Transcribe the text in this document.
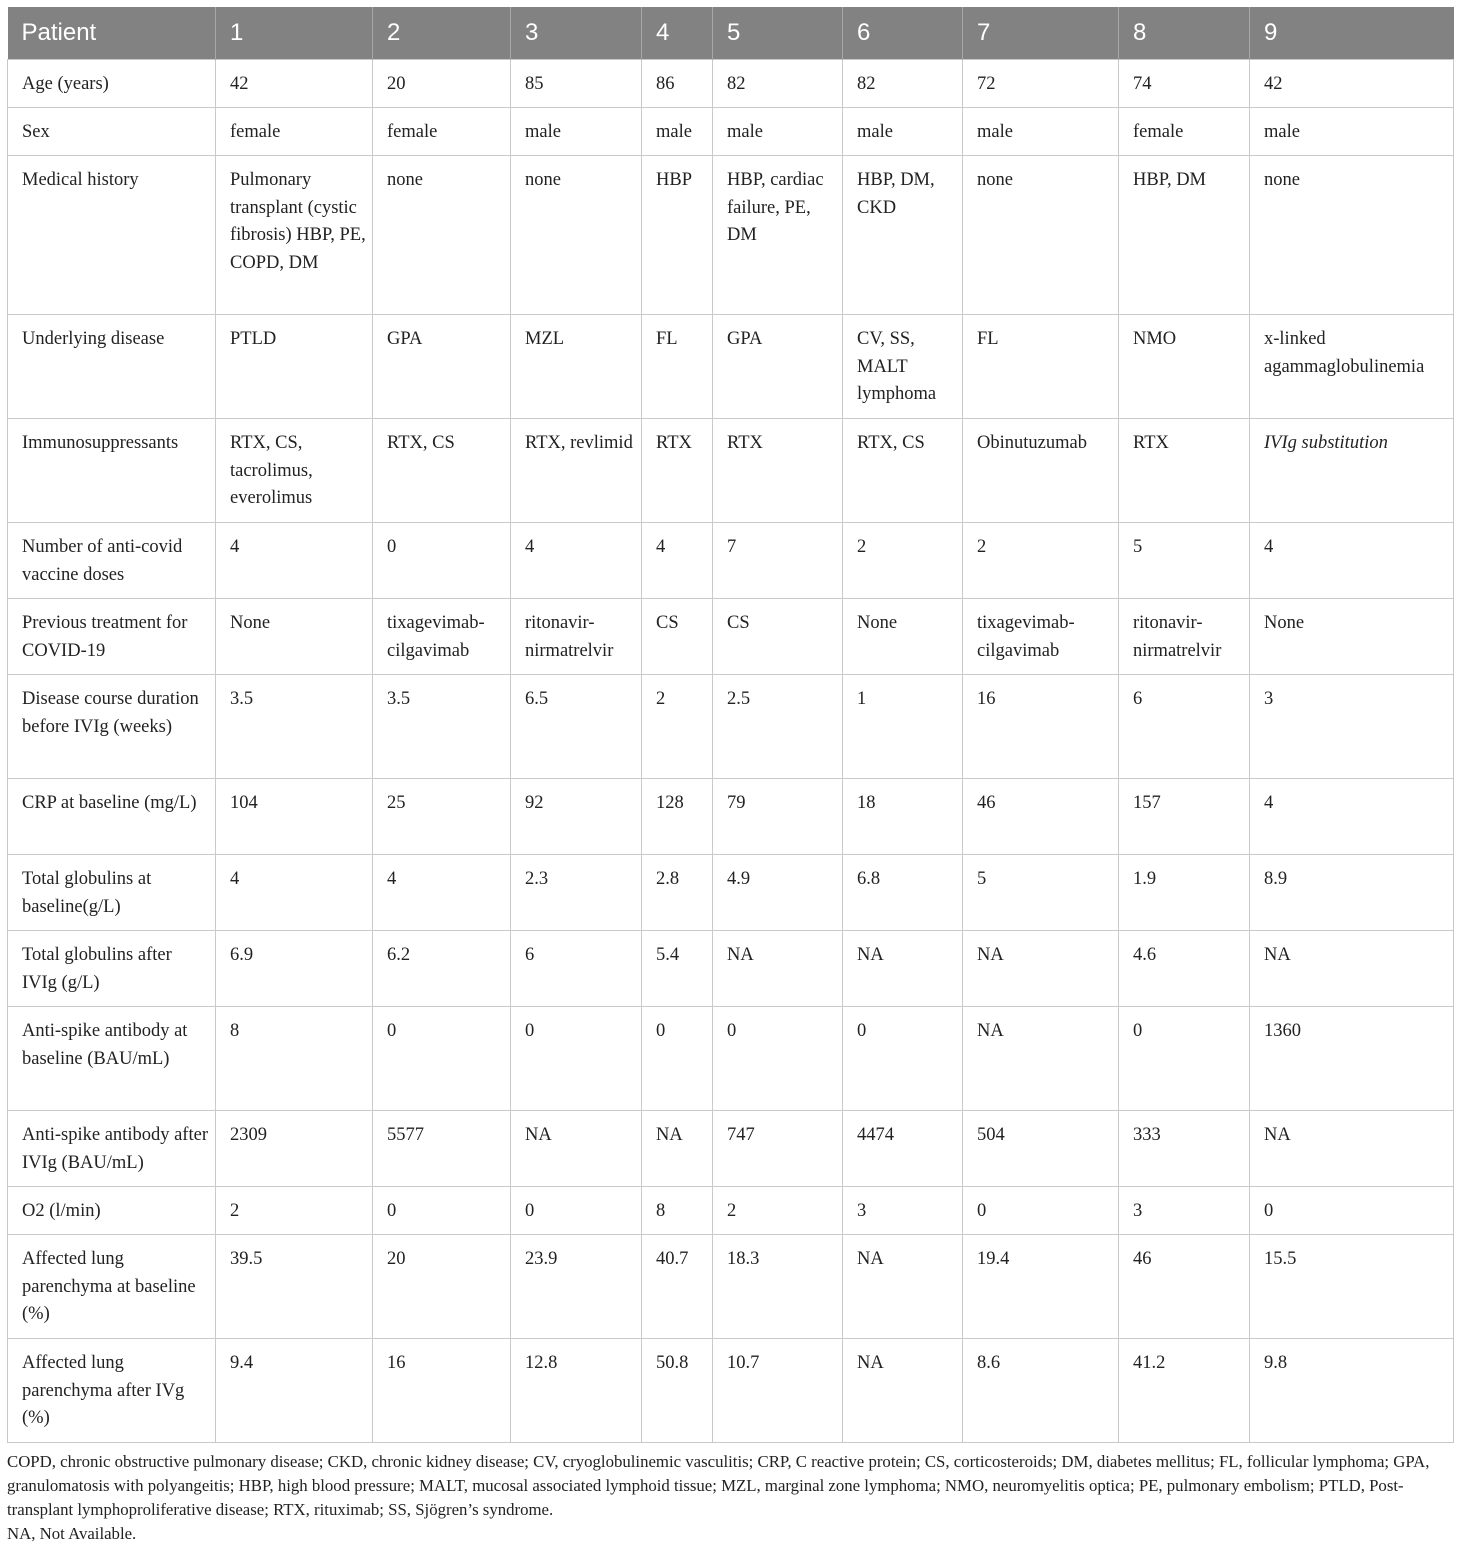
Patient	1	2	3	4	5	6	7	8	9
Age (years)	42	20	85	86	82	82	72	74	42
Sex	female	female	male	male	male	male	male	female	male
Medical history	Pulmonary transplant (cystic fibrosis) HBP, PE, COPD, DM	none	none	HBP	HBP, cardiac failure, PE, DM	HBP, DM, CKD	none	HBP, DM	none
Underlying disease	PTLD	GPA	MZL	FL	GPA	CV, SS, MALT lymphoma	FL	NMO	x-linked agammaglobulinemia
Immunosuppressants	RTX, CS, tacrolimus, everolimus	RTX, CS	RTX, revlimid	RTX	RTX	RTX, CS	Obinutuzumab	RTX	IVIg substitution
Number of anti-covid vaccine doses	4	0	4	4	7	2	2	5	4
Previous treatment for COVID-19	None	tixagevimab-cilgavimab	ritonavir-nirmatrelvir	CS	CS	None	tixagevimab-cilgavimab	ritonavir-nirmatrelvir	None
Disease course duration before IVIg (weeks)	3.5	3.5	6.5	2	2.5	1	16	6	3
CRP at baseline (mg/L)	104	25	92	128	79	18	46	157	4
Total globulins at baseline(g/L)	4	4	2.3	2.8	4.9	6.8	5	1.9	8.9
Total globulins after IVIg (g/L)	6.9	6.2	6	5.4	NA	NA	NA	4.6	NA
Anti-spike antibody at baseline (BAU/mL)	8	0	0	0	0	0	NA	0	1360
Anti-spike antibody after IVIg (BAU/mL)	2309	5577	NA	NA	747	4474	504	333	NA
O2 (l/min)	2	0	0	8	2	3	0	3	0
Affected lung parenchyma at baseline (%)	39.5	20	23.9	40.7	18.3	NA	19.4	46	15.5
Affected lung parenchyma after IVg (%)	9.4	16	12.8	50.8	10.7	NA	8.6	41.2	9.8

COPD, chronic obstructive pulmonary disease; CKD, chronic kidney disease; CV, cryoglobulinemic vasculitis; CRP, C reactive protein; CS, corticosteroids; DM, diabetes mellitus; FL, follicular lymphoma; GPA, granulomatosis with polyangeitis; HBP, high blood pressure; MALT, mucosal associated lymphoid tissue; MZL, marginal zone lymphoma; NMO, neuromyelitis optica; PE, pulmonary embolism; PTLD, Post-transplant lymphoproliferative disease; RTX, rituximab; SS, Sjögren’s syndrome.

NA, Not Available.
